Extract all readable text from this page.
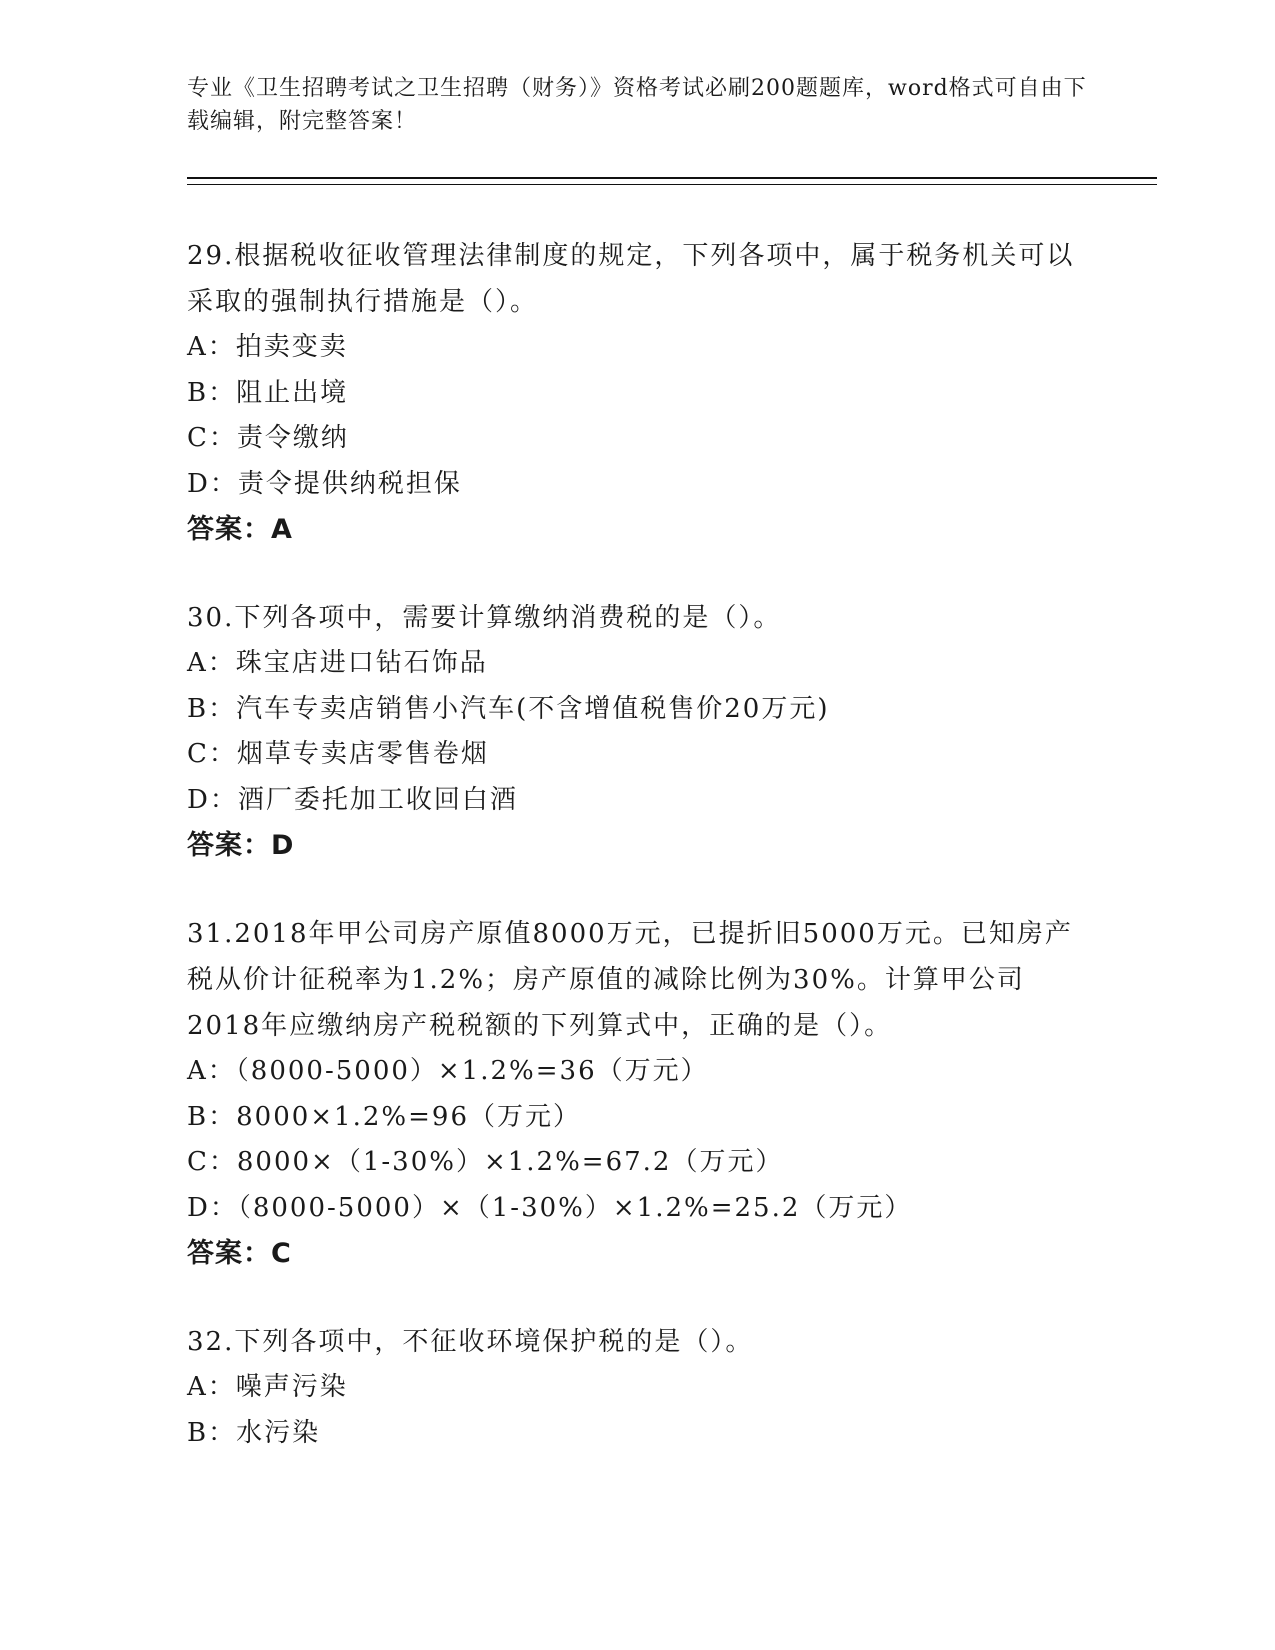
专业《卫生招聘考试之卫生招聘（财务）》资格考试必刷200题题库，word格式可自由下载编辑，附完整答案！
29.根据税收征收管理法律制度的规定，下列各项中，属于税务机关可以采取的强制执行措施是（）。
A：拍卖变卖
B：阻止出境
C：责令缴纳
D：责令提供纳税担保
答案：A
30.下列各项中，需要计算缴纳消费税的是（）。
A：珠宝店进口钻石饰品
B：汽车专卖店销售小汽车(不含增值税售价20万元)
C：烟草专卖店零售卷烟
D：酒厂委托加工收回白酒
答案：D
31.2018年甲公司房产原值8000万元，已提折旧5000万元。已知房产税从价计征税率为1.2%；房产原值的减除比例为30%。计算甲公司2018年应缴纳房产税税额的下列算式中，正确的是（）。
A：（8000-5000）×1.2%=36（万元）
B：8000×1.2%=96（万元）
C：8000×（1-30%）×1.2%=67.2（万元）
D：（8000-5000）×（1-30%）×1.2%=25.2（万元）
答案：C
32.下列各项中，不征收环境保护税的是（）。
A：噪声污染
B：水污染
